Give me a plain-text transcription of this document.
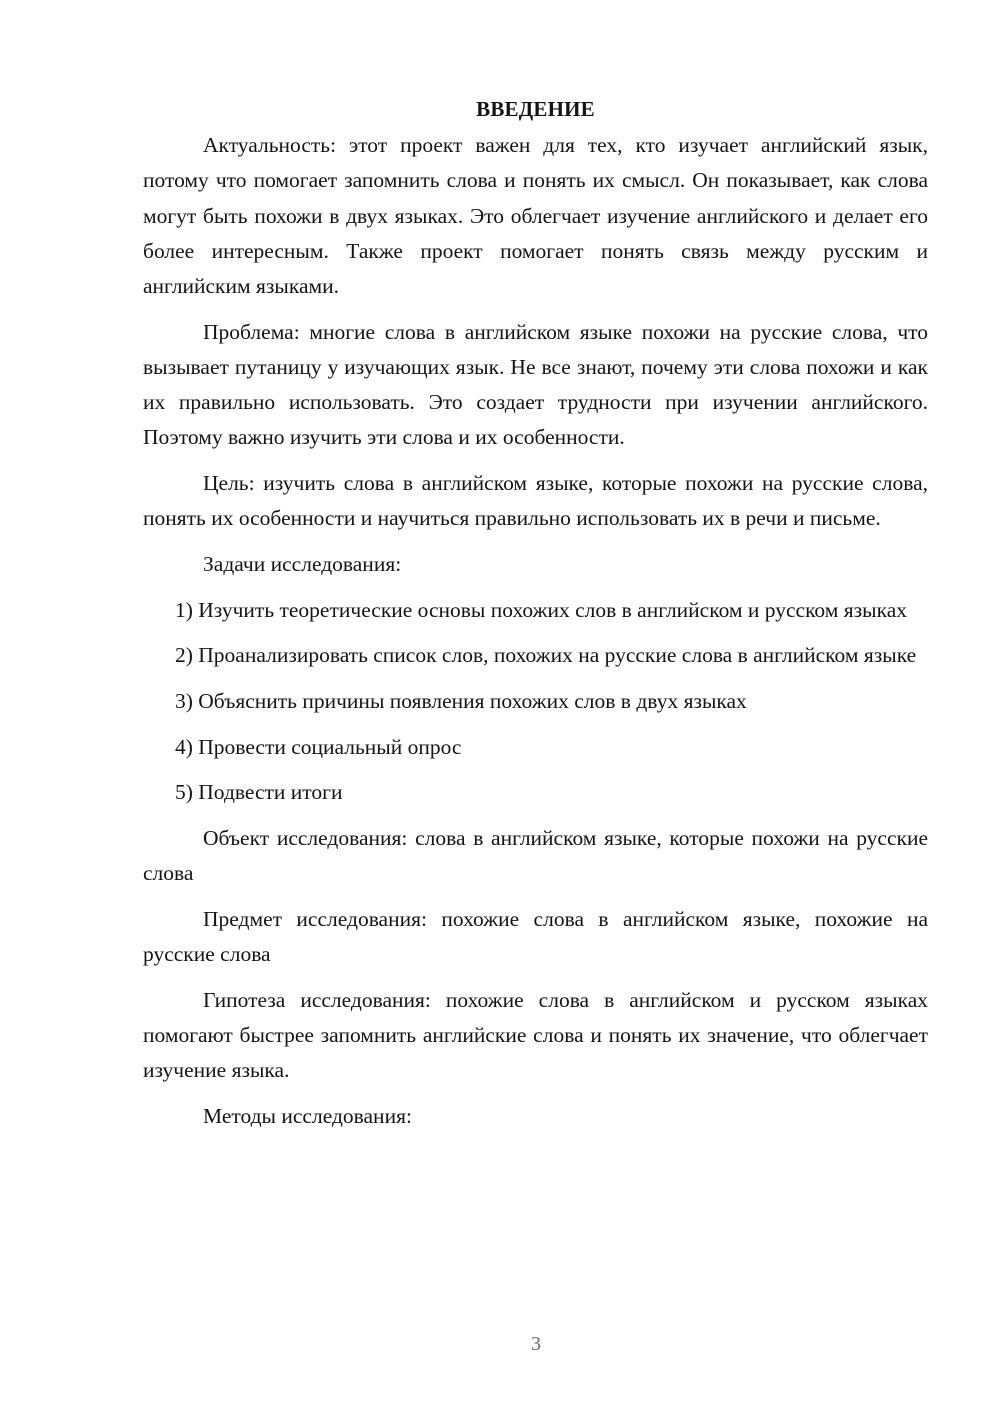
ВВЕДЕНИЕ

Актуальность: этот проект важен для тех, кто изучает английский язык, потому что помогает запомнить слова и понять их смысл. Он показывает, как слова могут быть похожи в двух языках. Это облегчает изучение английского и делает его более интересным. Также проект помогает понять связь между русским и английским языками.

Проблема: многие слова в английском языке похожи на русские слова, что вызывает путаницу у изучающих язык. Не все знают, почему эти слова похожи и как их правильно использовать. Это создает трудности при изучении английского. Поэтому важно изучить эти слова и их особенности.

Цель: изучить слова в английском языке, которые похожи на русские слова, понять их особенности и научиться правильно использовать их в речи и письме.

Задачи исследования:

1) Изучить теоретические основы похожих слов в английском и русском языках

2) Проанализировать список слов, похожих на русские слова в английском языке

3) Объяснить причины появления похожих слов в двух языках

4) Провести социальный опрос

5) Подвести итоги

Объект исследования: слова в английском языке, которые похожи на русские слова

Предмет исследования: похожие слова в английском языке, похожие на русские слова

Гипотеза исследования: похожие слова в английском и русском языках помогают быстрее запомнить английские слова и понять их значение, что облегчает изучение языка.

Методы исследования:

3
